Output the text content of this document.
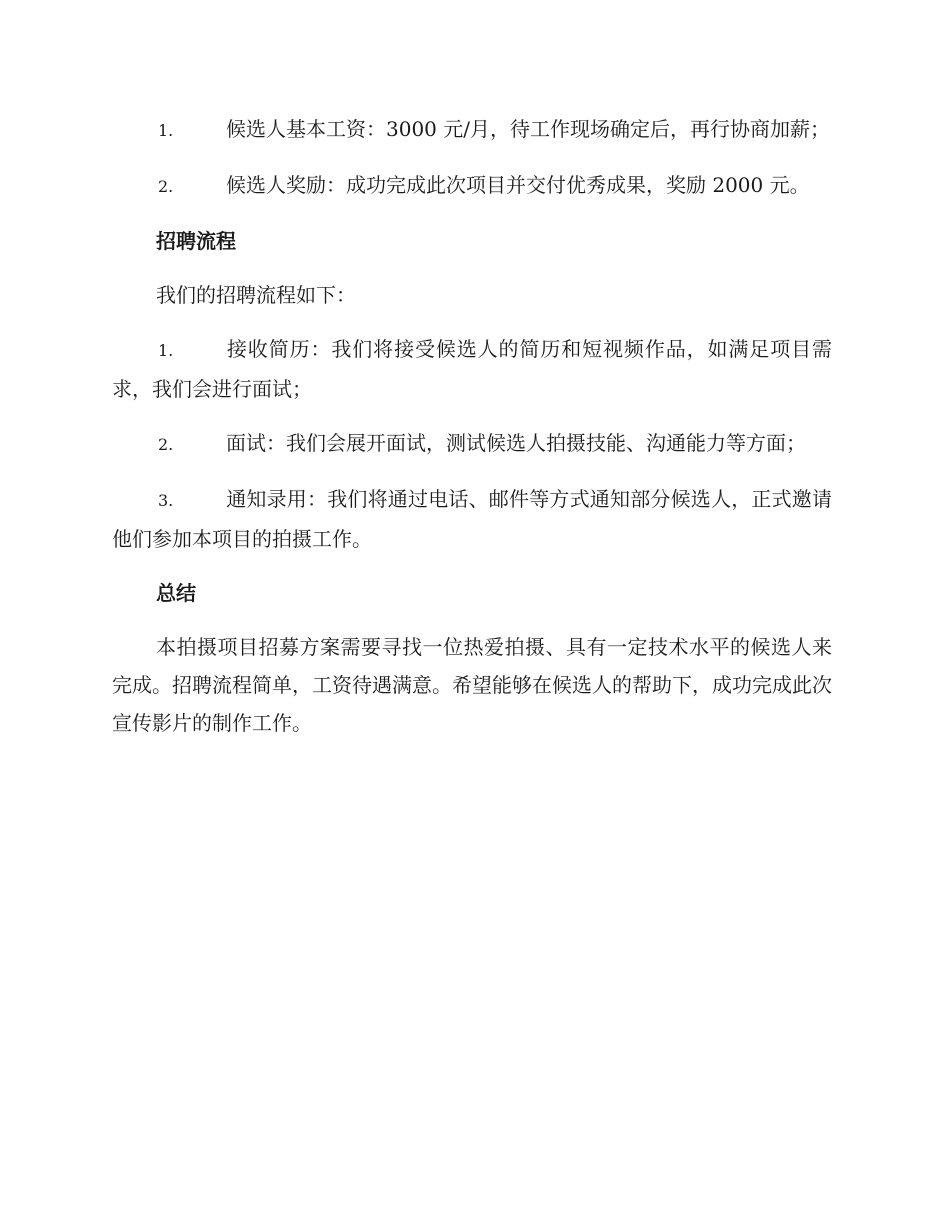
1.	候选人基本工资：3000 元/月，待工作现场确定后，再行协商加薪；

2.	候选人奖励：成功完成此次项目并交付优秀成果，奖励 2000 元。

招聘流程

我们的招聘流程如下：

1.	接收简历：我们将接受候选人的简历和短视频作品，如满足项目需求，我们会进行面试；

2.	面试：我们会展开面试，测试候选人拍摄技能、沟通能力等方面；

3.	通知录用：我们将通过电话、邮件等方式通知部分候选人，正式邀请他们参加本项目的拍摄工作。

总结

本拍摄项目招募方案需要寻找一位热爱拍摄、具有一定技术水平的候选人来完成。招聘流程简单，工资待遇满意。希望能够在候选人的帮助下，成功完成此次宣传影片的制作工作。
